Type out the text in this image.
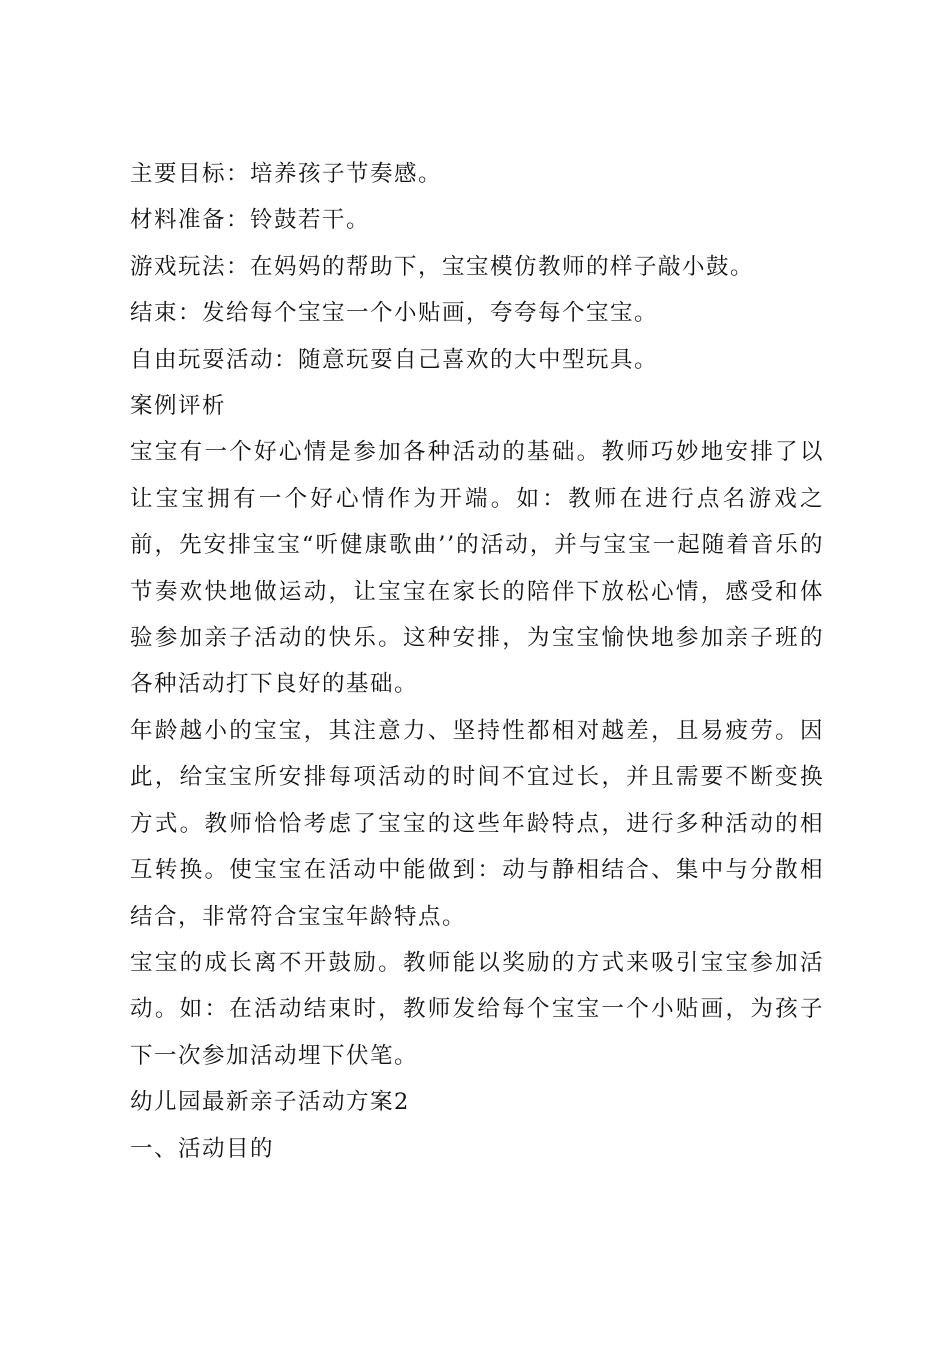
主要目标：培养孩子节奏感。

材料准备：铃鼓若干。

游戏玩法：在妈妈的帮助下，宝宝模仿教师的样子敲小鼓。

结束：发给每个宝宝一个小贴画，夸夸每个宝宝。

自由玩耍活动：随意玩耍自己喜欢的大中型玩具。

案例评析

宝宝有一个好心情是参加各种活动的基础。教师巧妙地安排了以让宝宝拥有一个好心情作为开端。如：教师在进行点名游戏之前，先安排宝宝“听健康歌曲’’的活动，并与宝宝一起随着音乐的节奏欢快地做运动，让宝宝在家长的陪伴下放松心情，感受和体验参加亲子活动的快乐。这种安排，为宝宝愉快地参加亲子班的各种活动打下良好的基础。

年龄越小的宝宝，其注意力、坚持性都相对越差，且易疲劳。因此，给宝宝所安排每项活动的时间不宜过长，并且需要不断变换方式。教师恰恰考虑了宝宝的这些年龄特点，进行多种活动的相互转换。使宝宝在活动中能做到：动与静相结合、集中与分散相结合，非常符合宝宝年龄特点。

宝宝的成长离不开鼓励。教师能以奖励的方式来吸引宝宝参加活动。如：在活动结束时，教师发给每个宝宝一个小贴画，为孩子下一次参加活动埋下伏笔。

幼儿园最新亲子活动方案2

一、活动目的
